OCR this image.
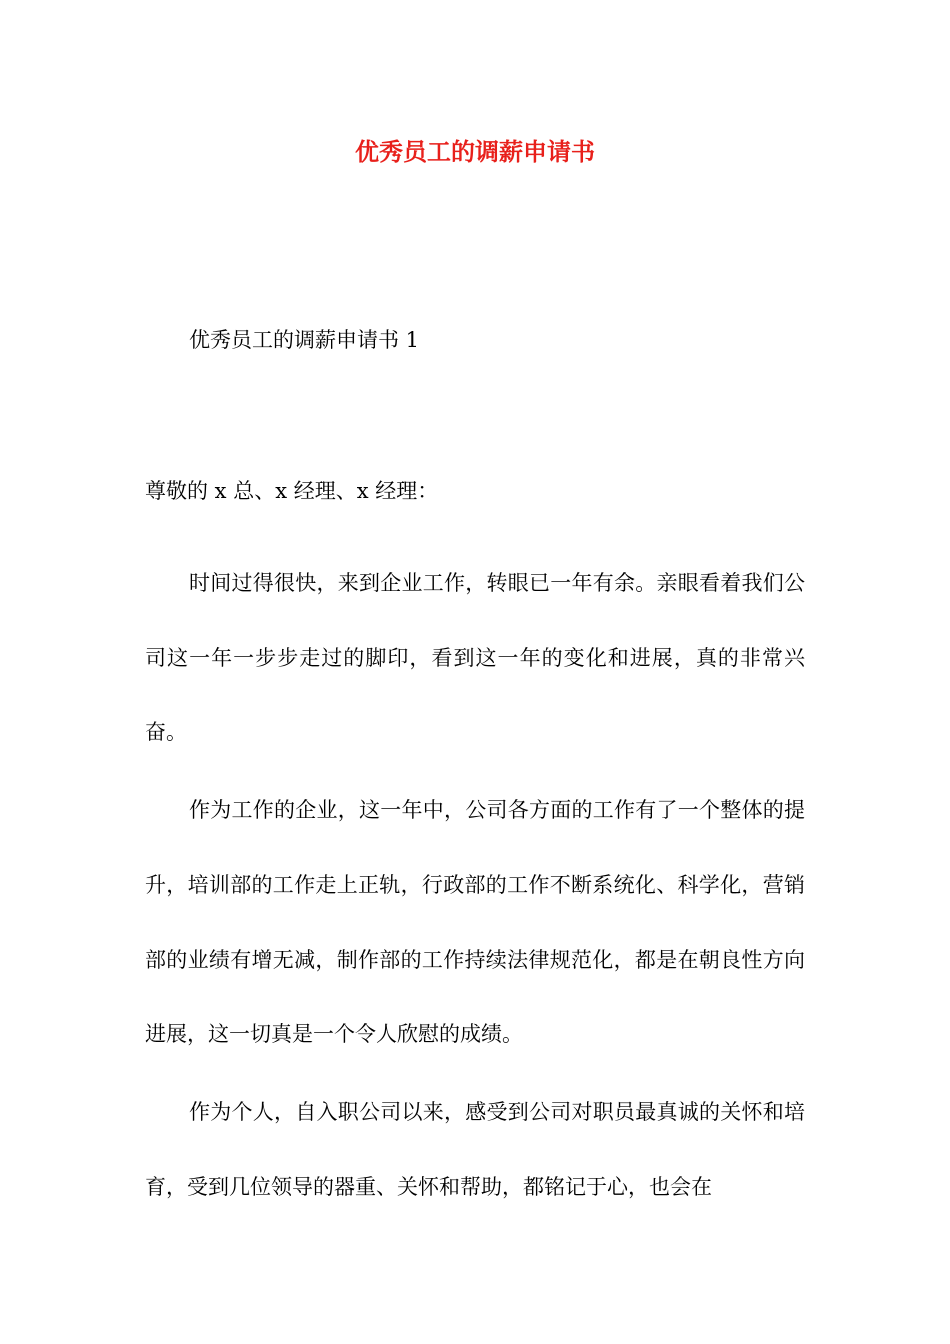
优秀员工的调薪申请书

优秀员工的调薪申请书 1

尊敬的 x 总、x 经理、x 经理：

时间过得很快，来到企业工作，转眼已一年有余。亲眼看着我们公司这一年一步步走过的脚印，看到这一年的变化和进展，真的非常兴奋。

作为工作的企业，这一年中，公司各方面的工作有了一个整体的提升，培训部的工作走上正轨，行政部的工作不断系统化、科学化，营销部的业绩有增无减，制作部的工作持续法律规范化，都是在朝良性方向进展，这一切真是一个令人欣慰的成绩。

作为个人，自入职公司以来，感受到公司对职员最真诚的关怀和培育，受到几位领导的器重、关怀和帮助，都铭记于心，也会在
